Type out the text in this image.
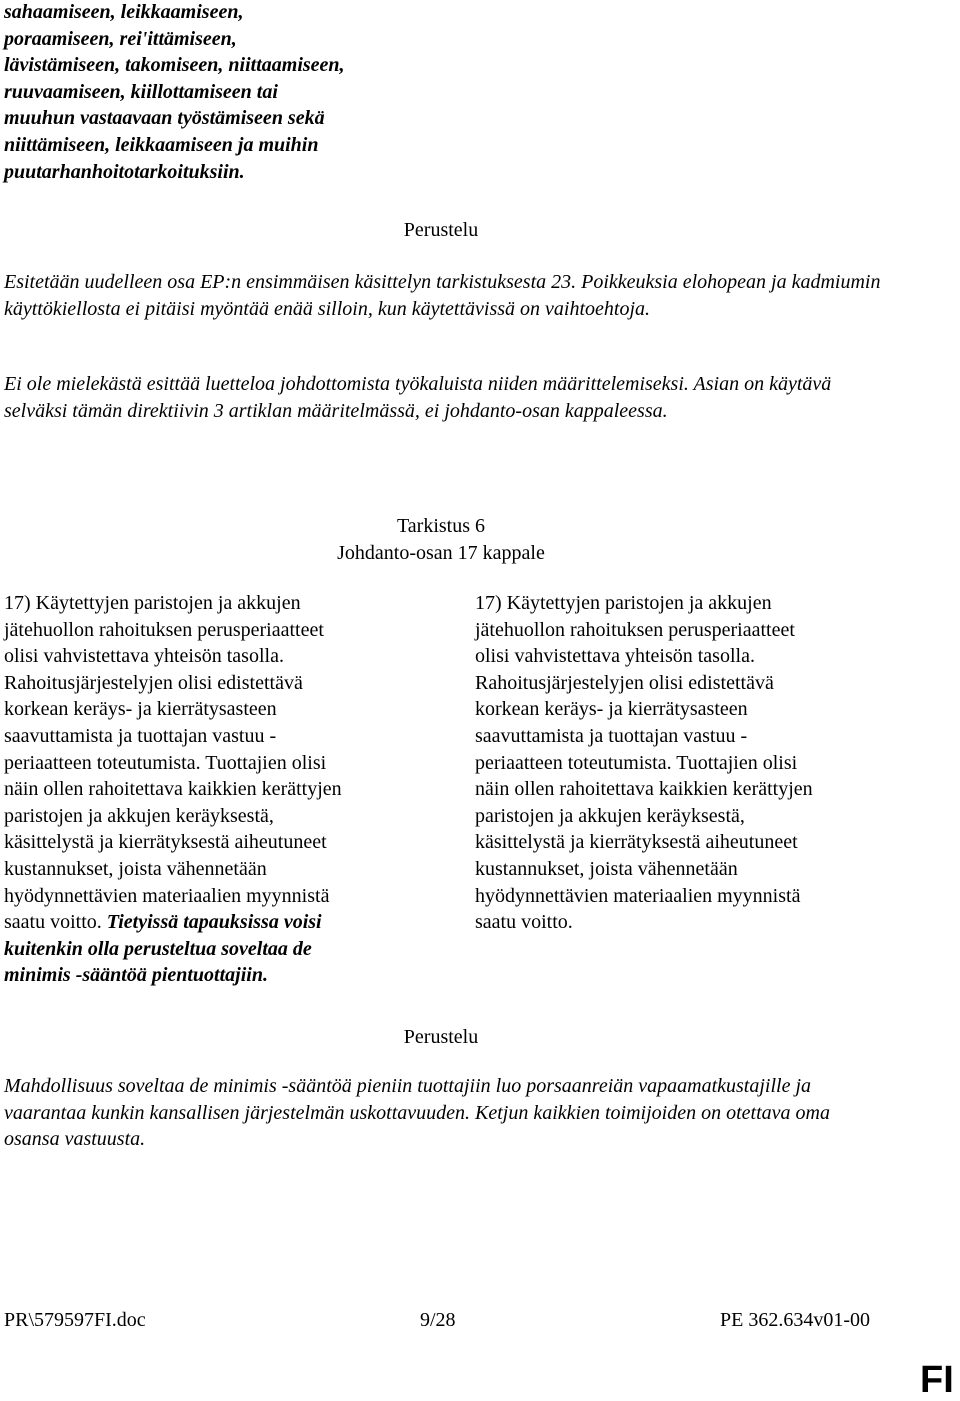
sahaamiseen, leikkaamiseen,
poraamiseen, rei'ittämiseen,
lävistämiseen, takomiseen, niittaamiseen,
ruuvaamiseen, kiillottamiseen tai
muuhun vastaavaan työstämiseen sekä
niittämiseen, leikkaamiseen ja muihin
puutarhanhoitotarkoituksiin.
Perustelu

Esitetään uudelleen osa EP:n ensimmäisen käsittelyn tarkistuksesta 23. Poikkeuksia elohopean ja kadmiumin käyttökiellosta ei pitäisi myöntää enää silloin, kun käytettävissä on vaihtoehtoja.

Ei ole mielekästä esittää luetteloa johdottomista työkaluista niiden määrittelemiseksi. Asian on käytävä selväksi tämän direktiivin 3 artiklan määritelmässä, ei johdanto-osan kappaleessa.

Tarkistus 6
Johdanto-osan 17 kappale
17) Käytettyjen paristojen ja akkujen
jätehuollon rahoituksen perusperiaatteet
olisi vahvistettava yhteisön tasolla.
Rahoitusjärjestelyjen olisi edistettävä
korkean keräys- ja kierrätysasteen
saavuttamista ja tuottajan vastuu -
periaatteen toteutumista. Tuottajien olisi
näin ollen rahoitettava kaikkien kerättyjen
paristojen ja akkujen keräyksestä,
käsittelystä ja kierrätyksestä aiheutuneet
kustannukset, joista vähennetään
hyödynnettävien materiaalien myynnistä
saatu voitto. Tietyissä tapauksissa voisi
kuitenkin olla perusteltua soveltaa de
minimis -sääntöä pientuottajiin.
17) Käytettyjen paristojen ja akkujen
jätehuollon rahoituksen perusperiaatteet
olisi vahvistettava yhteisön tasolla.
Rahoitusjärjestelyjen olisi edistettävä
korkean keräys- ja kierrätysasteen
saavuttamista ja tuottajan vastuu -
periaatteen toteutumista. Tuottajien olisi
näin ollen rahoitettava kaikkien kerättyjen
paristojen ja akkujen keräyksestä,
käsittelystä ja kierrätyksestä aiheutuneet
kustannukset, joista vähennetään
hyödynnettävien materiaalien myynnistä
saatu voitto.
Perustelu

Mahdollisuus soveltaa de minimis -sääntöä pieniin tuottajiin luo porsaanreiän vapaamatkustajille ja vaarantaa kunkin kansallisen järjestelmän uskottavuuden. Ketjun kaikkien toimijoiden on otettava oma osansa vastuusta.

PR\579597FI.doc	9/28	PE 362.634v01-00
FI
